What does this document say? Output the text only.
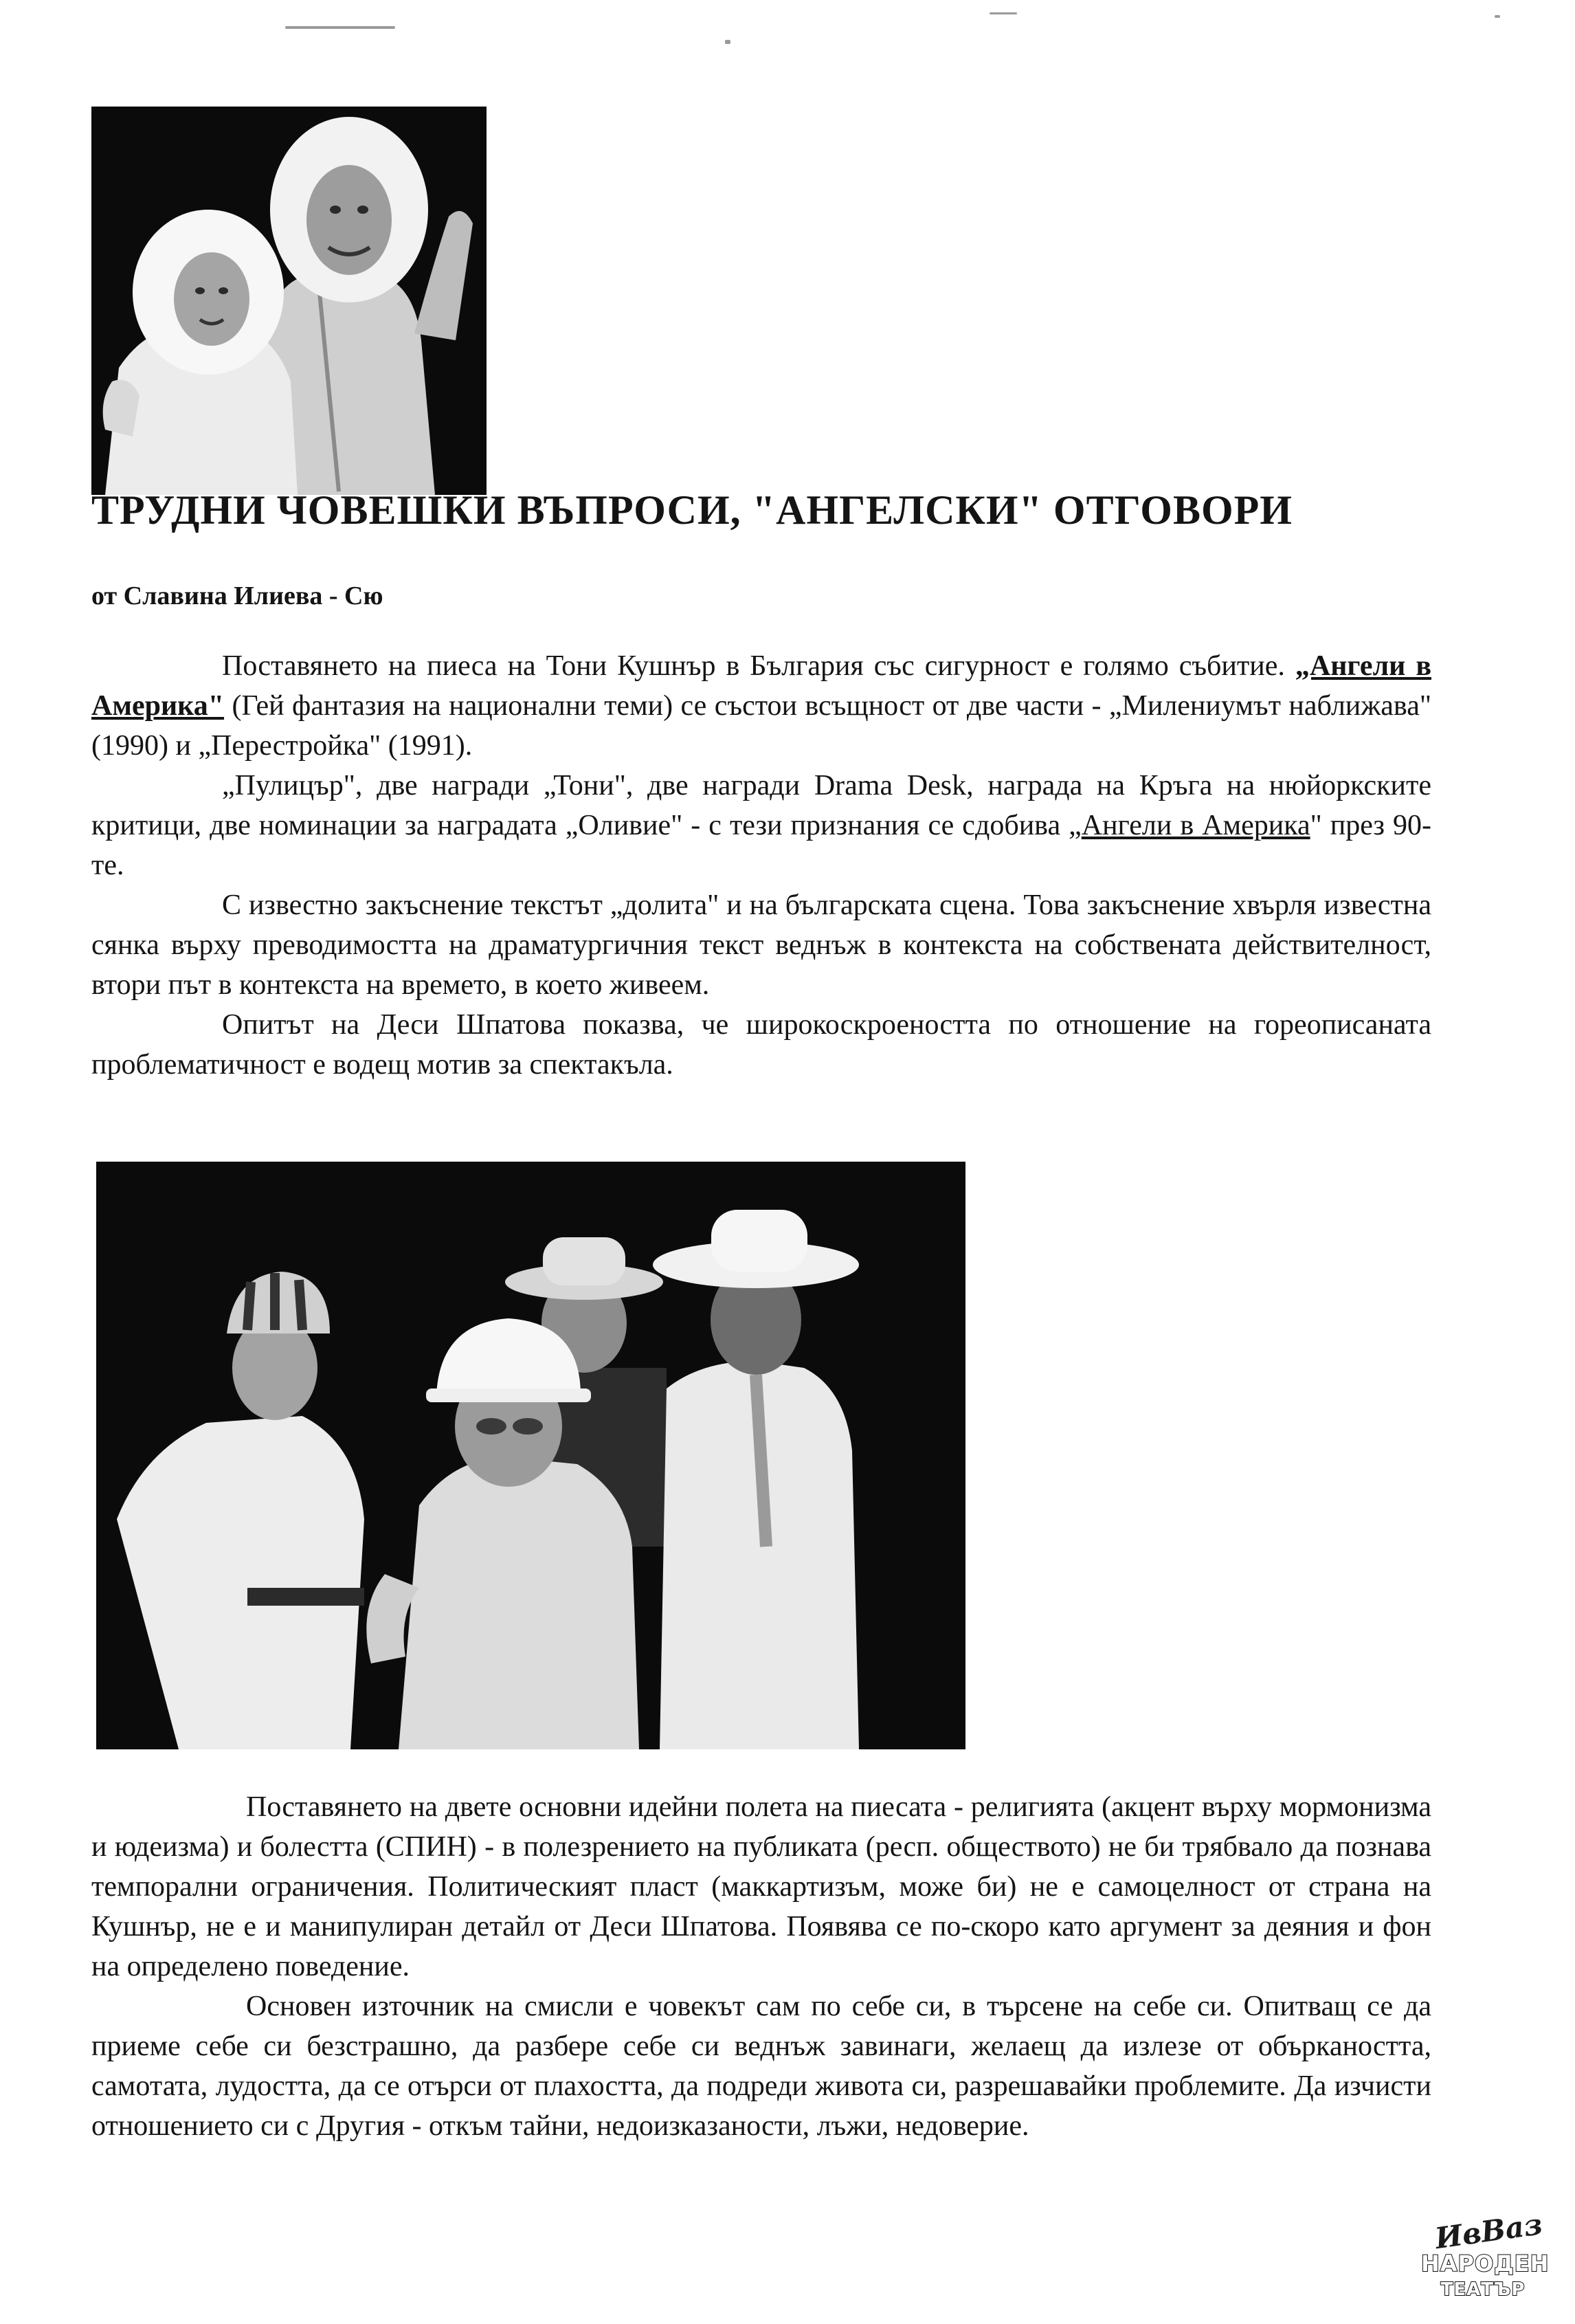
ТРУДНИ ЧОВЕШКИ ВЪПРОСИ, "АНГЕЛСКИ" ОТГОВОРИ

от Славина Илиева - Сю

Поставянето на пиеса на Тони Кушнър в България със сигурност е голямо събитие. „Ангели в Америка" (Гей фантазия на национални теми) се състои всъщност от две части - „Милениумът наближава" (1990) и „Перестройка" (1991).

„Пулицър", две награди „Тони", две награди Drama Desk, награда на Кръга на нюйоркските критици, две номинации за наградата „Оливие" - с тези признания се сдобива „Ангели в Америка" през 90-те.

С известно закъснение текстът „долита" и на българската сцена. Това закъснение хвърля известна сянка върху преводимостта на драматургичния текст веднъж в контекста на собствената действителност, втори път в контекста на времето, в което живеем.

Опитът на Деси Шпатова показва, че широкоскроеността по отношение на гореописаната проблематичност е водещ мотив за спектакъла.

Поставянето на двете основни идейни полета на пиесата - религията (акцент върху мормонизма и юдеизма) и болестта (СПИН) - в полезрението на публиката (респ. обществото) не би трябвало да познава темпорални ограничения. Политическият пласт (маккартизъм, може би) не е самоцелност от страна на Кушнър, не е и манипулиран детайл от Деси Шпатова. Появява се по-скоро като аргумент за деяния и фон на определено поведение.

Основен източник на смисли е човекът сам по себе си, в търсене на себе си. Опитващ се да приеме себе си безстрашно, да разбере себе си веднъж завинаги, желаещ да излезе от объркаността, самотата, лудостта, да се отърси от плахостта, да подреди живота си, разрешавайки проблемите. Да изчисти отношението си с Другия - откъм тайни, недоизказаности, лъжи, недоверие.

ИвВаз
НАРОДЕН
ТЕАТЪР
